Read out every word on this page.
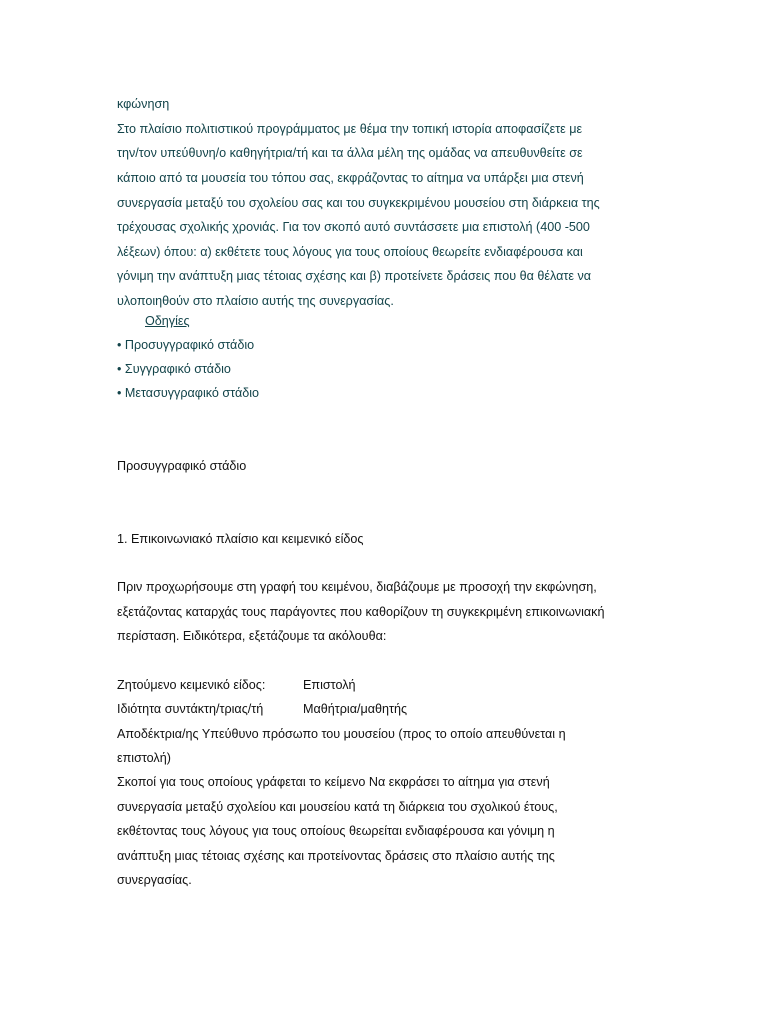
κφώνηση
Στο πλαίσιο πολιτιστικού προγράμματος με θέμα την τοπική ιστορία αποφασίζετε με
την/τον υπεύθυνη/ο καθηγήτρια/τή και τα άλλα μέλη της ομάδας να απευθυνθείτε σε
κάποιο από τα μουσεία του τόπου σας, εκφράζοντας το αίτημα να υπάρξει μια στενή
συνεργασία μεταξύ του σχολείου σας και του συγκεκριμένου μουσείου στη διάρκεια της
τρέχουσας σχολικής χρονιάς. Για τον σκοπό αυτό συντάσσετε μια επιστολή (400 -500
λέξεων) όπου: α) εκθέτετε τους λόγους για τους οποίους θεωρείτε ενδιαφέρουσα και
γόνιμη την ανάπτυξη μιας τέτοιας σχέσης και β) προτείνετε δράσεις που θα θέλατε να
υλοποιηθούν στο πλαίσιο αυτής της συνεργασίας.
Οδηγίες
• Προσυγγραφικό στάδιο
• Συγγραφικό στάδιο
• Μετασυγγραφικό στάδιο
Προσυγγραφικό στάδιο
1. Επικοινωνιακό πλαίσιο και κειμενικό είδος
Πριν προχωρήσουμε στη γραφή του κειμένου, διαβάζουμε με προσοχή την εκφώνηση,
εξετάζοντας καταρχάς τους παράγοντες που καθορίζουν τη συγκεκριμένη επικοινωνιακή
περίσταση. Ειδικότερα, εξετάζουμε τα ακόλουθα:
Ζητούμενο κειμενικό είδος:	Επιστολή
Ιδιότητα συντάκτη/τριας/τή	Μαθήτρια/μαθητής
Αποδέκτρια/ης Υπεύθυνο πρόσωπο του μουσείου (προς το οποίο απευθύνεται η
επιστολή)
Σκοποί για τους οποίους γράφεται το κείμενο Να εκφράσει το αίτημα για στενή
συνεργασία μεταξύ σχολείου και μουσείου κατά τη διάρκεια του σχολικού έτους,
εκθέτοντας τους λόγους για τους οποίους θεωρείται ενδιαφέρουσα και γόνιμη η
ανάπτυξη μιας τέτοιας σχέσης και προτείνοντας δράσεις στο πλαίσιο αυτής της
συνεργασίας.
